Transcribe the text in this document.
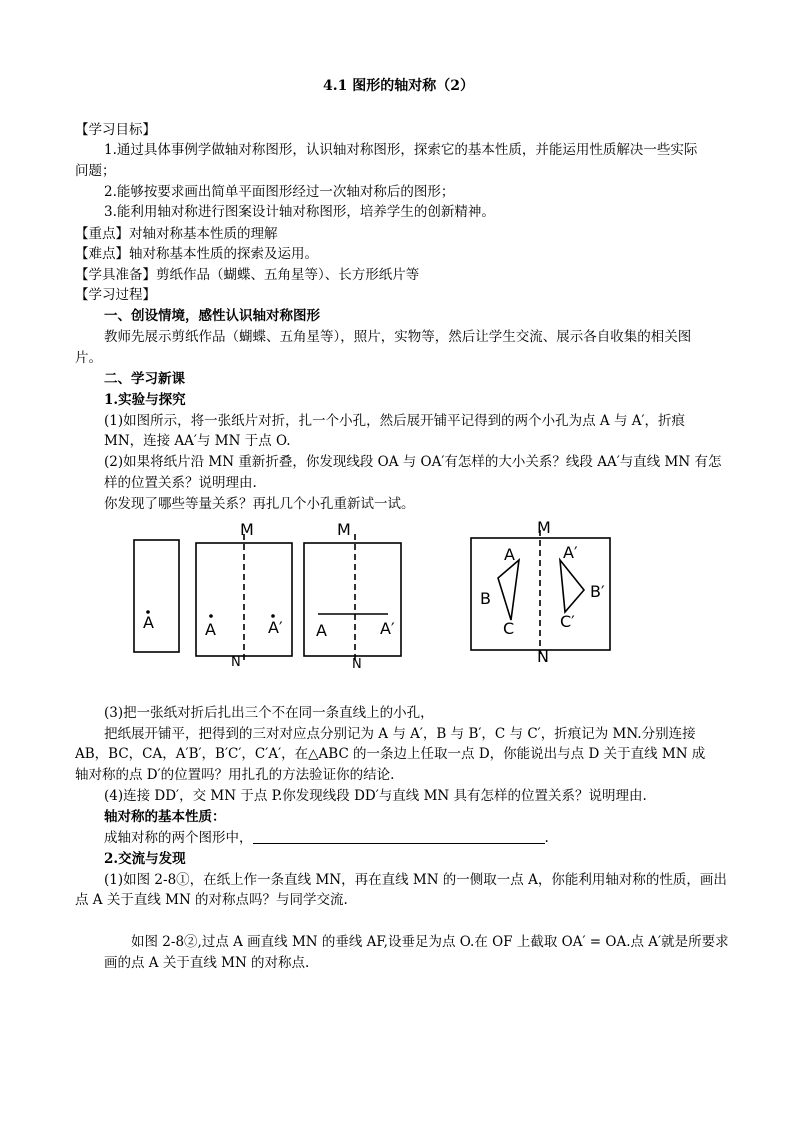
4.1 图形的轴对称（2）
【学习目标】
1.通过具体事例学做轴对称图形，认识轴对称图形，探索它的基本性质，并能运用性质解决一些实际
问题；
2.能够按要求画出简单平面图形经过一次轴对称后的图形；
3.能利用轴对称进行图案设计轴对称图形，培养学生的创新精神。
【重点】对轴对称基本性质的理解
【难点】轴对称基本性质的探索及运用。
【学具准备】剪纸作品（蝴蝶、五角星等）、长方形纸片等
【学习过程】
一、创设情境，感性认识轴对称图形
教师先展示剪纸作品（蝴蝶、五角星等），照片，实物等，然后让学生交流、展示各自收集的相关图
片。
二、学习新课
1.实验与探究
(1)如图所示，将一张纸片对折，扎一个小孔，然后展开铺平记得到的两个小孔为点 A 与 A′，折痕
MN，连接 AA′与 MN 于点 O.
(2)如果将纸片沿 MN 重新折叠，你发现线段 OA 与 OA′有怎样的大小关系？线段 AA′与直线 MN 有怎
样的位置关系？说明理由.
你发现了哪些等量关系？再扎几个小孔重新试一试。
A
M
N
A	A′
M
N
A	A′
M
N
A
B
C
A′
B′
C′
(3)把一张纸对折后扎出三个不在同一条直线上的小孔，
把纸展开铺平，把得到的三对对应点分别记为 A 与 A′，B 与 B′，C 与 C′，折痕记为 MN.分别连接
AB，BC，CA，A′B′，B′C′，C′A′，在△ABC 的一条边上任取一点 D，你能说出与点 D 关于直线 MN 成
轴对称的点 D′的位置吗？用扎孔的方法验证你的结论.
(4)连接 DD′，交 MN 于点 P.你发现线段 DD′与直线 MN 具有怎样的位置关系？说明理由.
轴对称的基本性质：
成轴对称的两个图形中，	.
2.交流与发现
(1)如图 2-8①，在纸上作一条直线 MN，再在直线 MN 的一侧取一点 A，你能利用轴对称的性质，画出
点 A 关于直线 MN 的对称点吗？与同学交流.
如图 2-8②,过点 A 画直线 MN 的垂线 AF,设垂足为点 O.在 OF 上截取 OA′ = OA.点 A′就是所要求
画的点 A 关于直线 MN 的对称点.
